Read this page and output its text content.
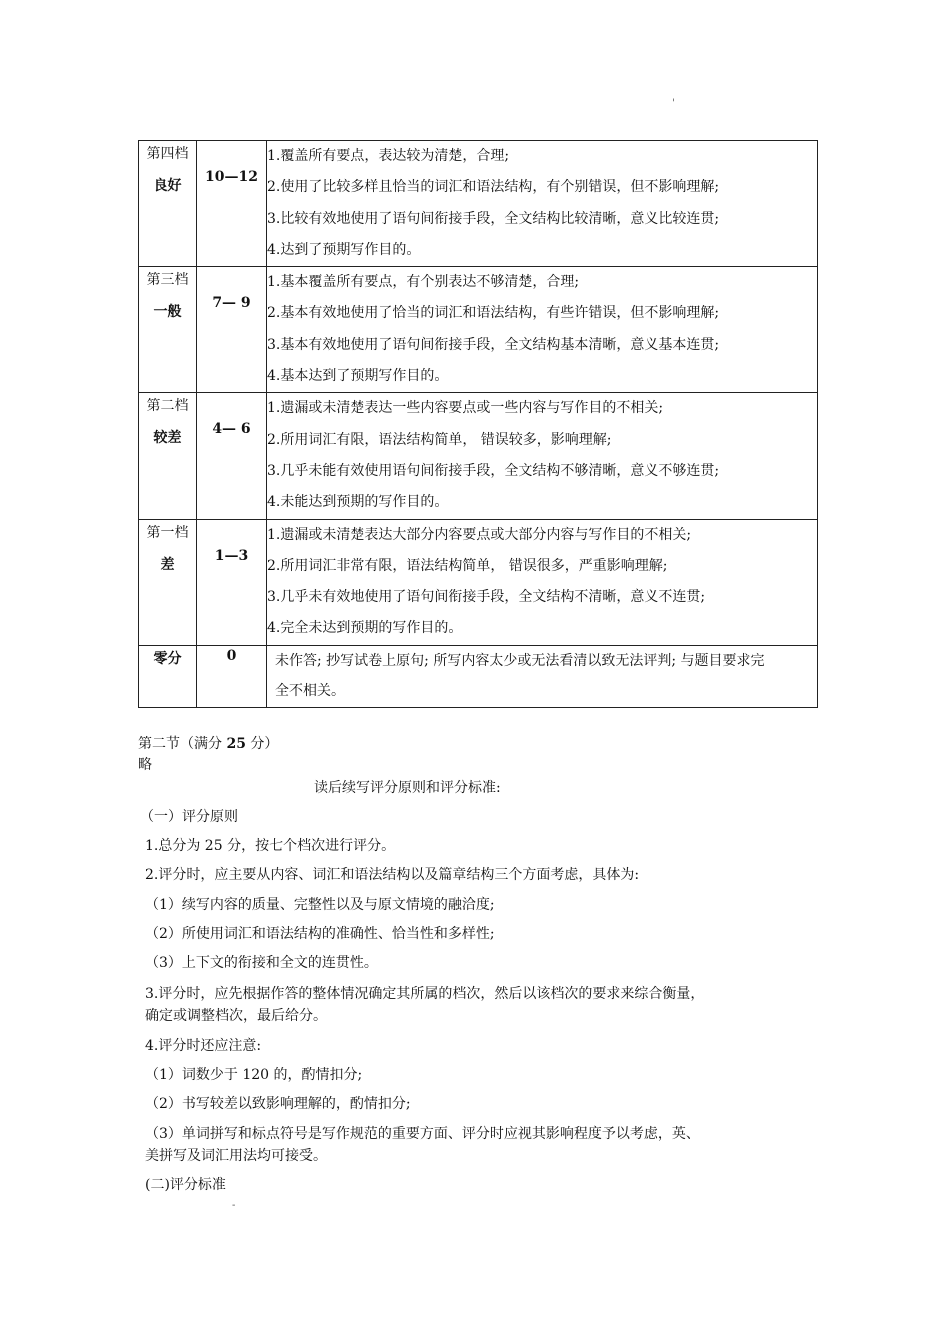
'
第四档
良好	10—12	1.覆盖所有要点，表达较为清楚，合理;
2.使用了比较多样且恰当的词汇和语法结构，有个别错误，但不影响理解;
3.比较有效地使用了语句间衔接手段，全文结构比较清晰，意义比较连贯;
4.达到了预期写作目的。

第三档
一般	7— 9	1.基本覆盖所有要点，有个别表达不够清楚，合理;
2.基本有效地使用了恰当的词汇和语法结构，有些许错误，但不影响理解;
3.基本有效地使用了语句间衔接手段，全文结构基本清晰，意义基本连贯;
4.基本达到了预期写作目的。

第二档
较差	4— 6	1.遗漏或未清楚表达一些内容要点或一些内容与写作目的不相关;
2.所用词汇有限，语法结构简单， 错误较多，影响理解;
3.几乎未能有效使用语句间衔接手段，全文结构不够清晰，意义不够连贯;
4.未能达到预期的写作目的。

第一档
差	1—3	1.遗漏或未清楚表达大部分内容要点或大部分内容与写作目的不相关;
2.所用词汇非常有限，语法结构简单， 错误很多，严重影响理解;
3.几乎未有效地使用了语句间衔接手段，全文结构不清晰，意义不连贯;
4.完全未达到预期的写作目的。

零分	0	未作答; 抄写试卷上原句; 所写内容太少或无法看清以致无法评判; 与题目要求完
全不相关。
第二节（满分 25 分）
略
读后续写评分原则和评分标准:
（一）评分原则
1.总分为 25 分，按七个档次进行评分。
2.评分时，应主要从内容、词汇和语法结构以及篇章结构三个方面考虑，具体为:
（1）续写内容的质量、完整性以及与原文情境的融洽度;
（2）所使用词汇和语法结构的准确性、恰当性和多样性;
（3）上下文的衔接和全文的连贯性。
3.评分时，应先根据作答的整体情况确定其所属的档次，然后以该档次的要求来综合衡量，
确定或调整档次，最后给分。
4.评分时还应注意:
（1）词数少于 120 的，酌情扣分;
（2）书写较差以致影响理解的，酌情扣分;
（3）单词拼写和标点符号是写作规范的重要方面、评分时应视其影响程度予以考虑，英、
美拼写及词汇用法均可接受。
(二)评分标准
-
